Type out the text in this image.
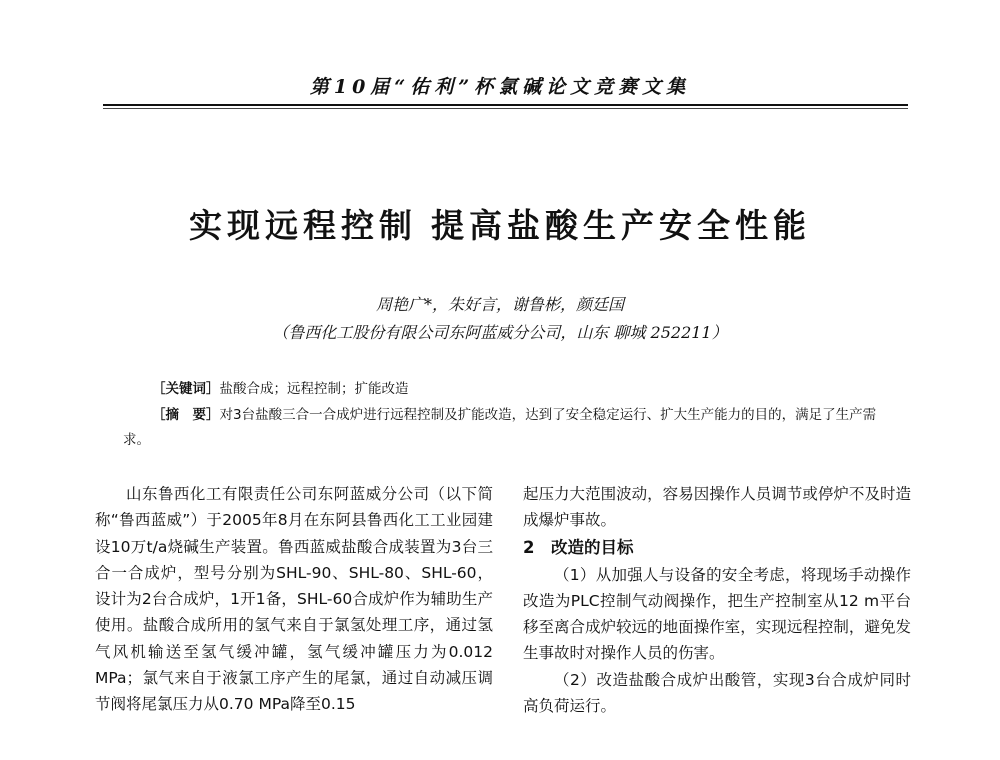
第10届“佑利”杯氯碱论文竞赛文集
实现远程控制 提高盐酸生产安全性能
周艳广*，朱好言，谢鲁彬，颜廷国
（鲁西化工股份有限公司东阿蓝威分公司，山东 聊城 252211）
［关键词］盐酸合成；远程控制；扩能改造
［摘　要］对3台盐酸三合一合成炉进行远程控制及扩能改造，达到了安全稳定运行、扩大生产能力的目的，满足了生产需求。

山东鲁西化工有限责任公司东阿蓝威分公司（以下简称“鲁西蓝威”）于2005年8月在东阿县鲁西化工工业园建设10万t/a烧碱生产装置。鲁西蓝威盐酸合成装置为3台三合一合成炉，型号分别为SHL-90、SHL-80、SHL-60，设计为2台合成炉，1开1备，SHL-60合成炉作为辅助生产使用。盐酸合成所用的氢气来自于氯氢处理工序，通过氢气风机输送至氢气缓冲罐，氢气缓冲罐压力为0.012 MPa；氯气来自于液氯工序产生的尾氯，通过自动减压调节阀将尾氯压力从0.70 MPa降至0.15

起压力大范围波动，容易因操作人员调节或停炉不及时造成爆炉事故。

2 改造的目标

（1）从加强人与设备的安全考虑，将现场手动操作改造为PLC控制气动阀操作，把生产控制室从12 m平台移至离合成炉较远的地面操作室，实现远程控制，避免发生事故时对操作人员的伤害。

（2）改造盐酸合成炉出酸管，实现3台合成炉同时高负荷运行。
